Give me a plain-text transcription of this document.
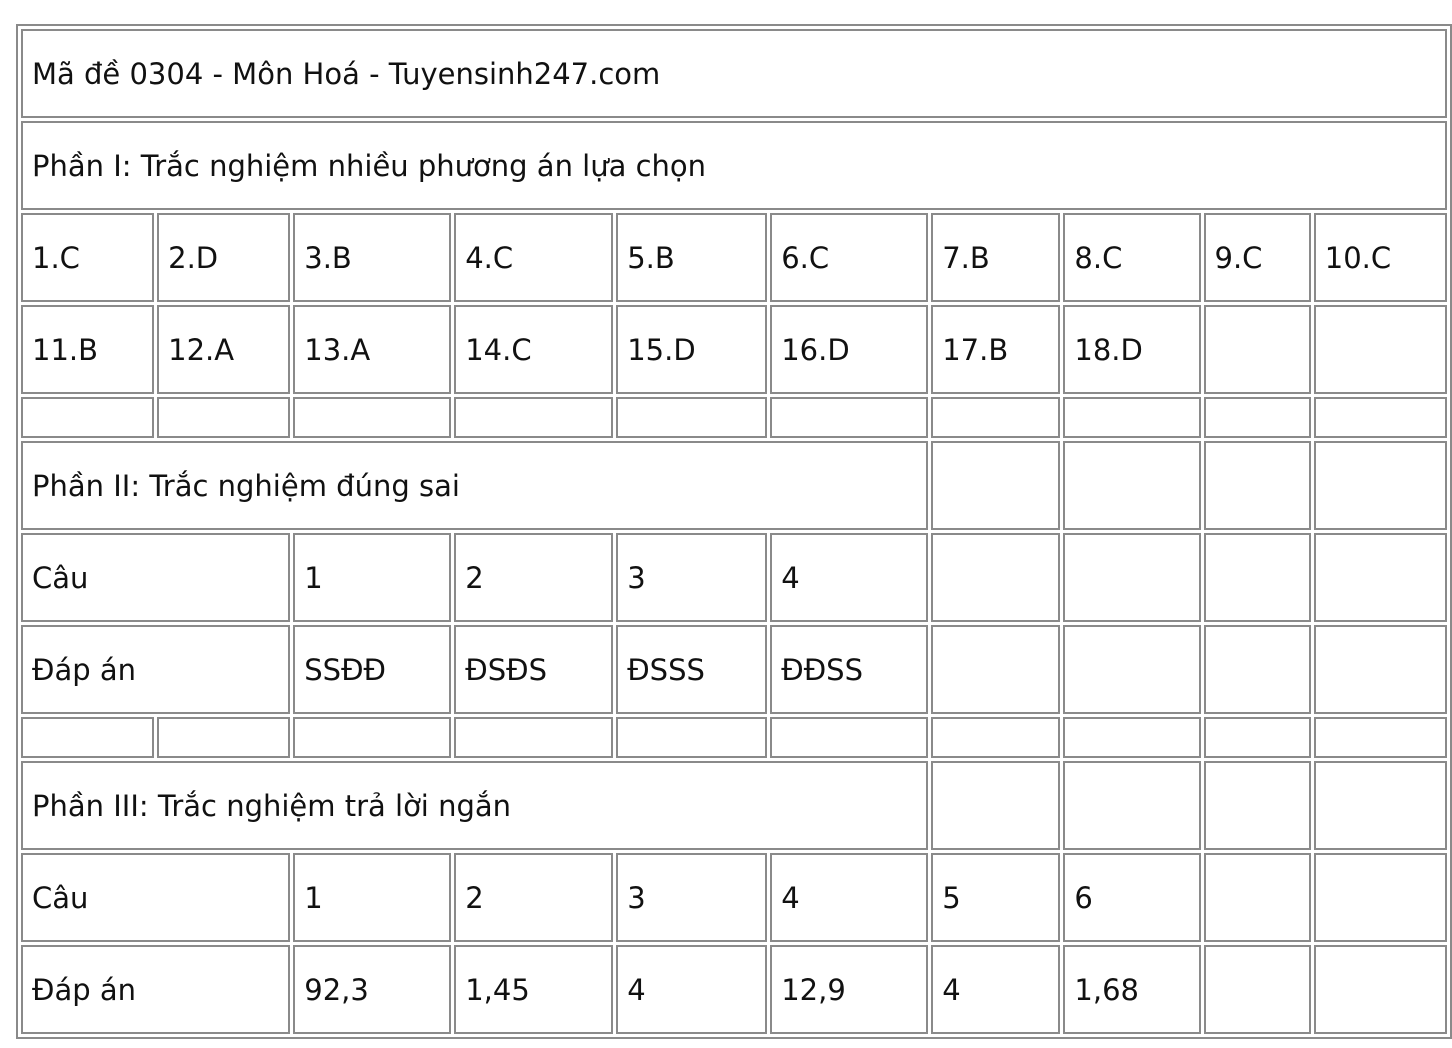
Mã đề 0304 - Môn Hoá - Tuyensinh247.com									
Phần I: Trắc nghiệm nhiều phương án lựa chọn									
1.C	2.D	3.B	4.C	5.B	6.C	7.B	8.C	9.C	10.C
11.B	12.A	13.A	14.C	15.D	16.D	17.B	18.D		

Phần II: Trắc nghiệm đúng sai									
Câu		1	2	3	4				
Đáp án		SSĐĐ	ĐSĐS	ĐSSS	ĐĐSS				

Phần III: Trắc nghiệm trả lời ngắn									
Câu		1	2	3	4	5	6		
Đáp án		92,3	1,45	4	12,9	4	1,68		
